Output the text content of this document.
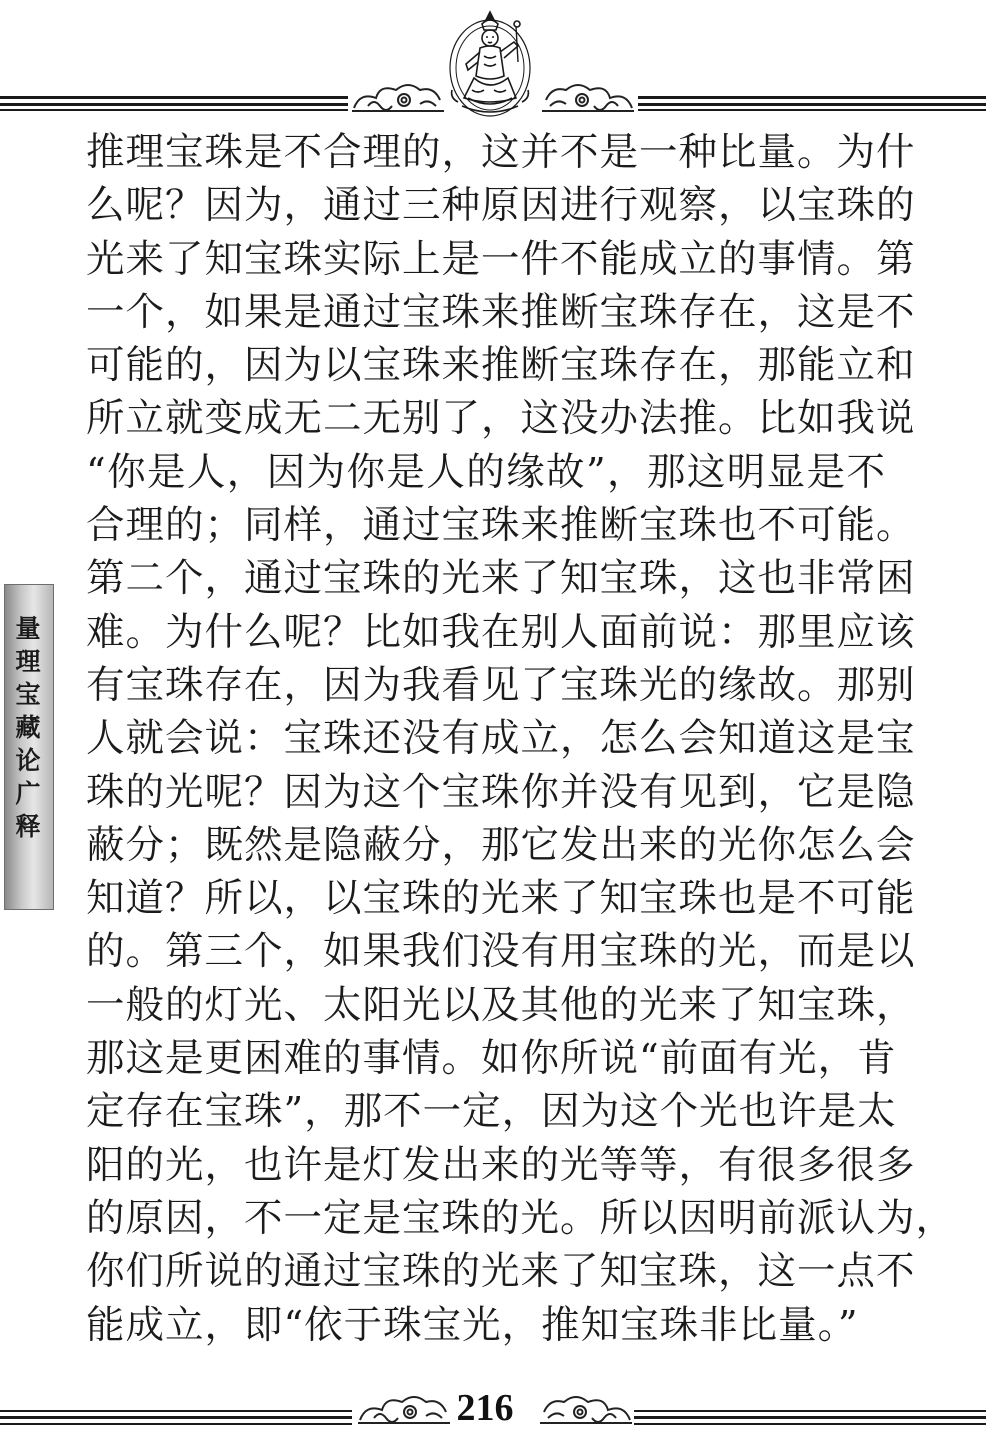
量理宝藏论广释
推理宝珠是不合理的，这并不是一种比量。为什
么呢？因为，通过三种原因进行观察，以宝珠的
光来了知宝珠实际上是一件不能成立的事情。第
一个，如果是通过宝珠来推断宝珠存在，这是不
可能的，因为以宝珠来推断宝珠存在，那能立和
所立就变成无二无别了，这没办法推。比如我说
“你是人，因为你是人的缘故”，那这明显是不
合理的；同样，通过宝珠来推断宝珠也不可能。
第二个，通过宝珠的光来了知宝珠，这也非常困
难。为什么呢？比如我在别人面前说：那里应该
有宝珠存在，因为我看见了宝珠光的缘故。那别
人就会说：宝珠还没有成立，怎么会知道这是宝
珠的光呢？因为这个宝珠你并没有见到，它是隐
蔽分；既然是隐蔽分，那它发出来的光你怎么会
知道？所以，以宝珠的光来了知宝珠也是不可能
的。第三个，如果我们没有用宝珠的光，而是以
一般的灯光、太阳光以及其他的光来了知宝珠，
那这是更困难的事情。如你所说“前面有光，肯
定存在宝珠”，那不一定，因为这个光也许是太
阳的光，也许是灯发出来的光等等，有很多很多
的原因，不一定是宝珠的光。所以因明前派认为，
你们所说的通过宝珠的光来了知宝珠，这一点不
能成立，即“依于珠宝光，推知宝珠非比量。”
216
